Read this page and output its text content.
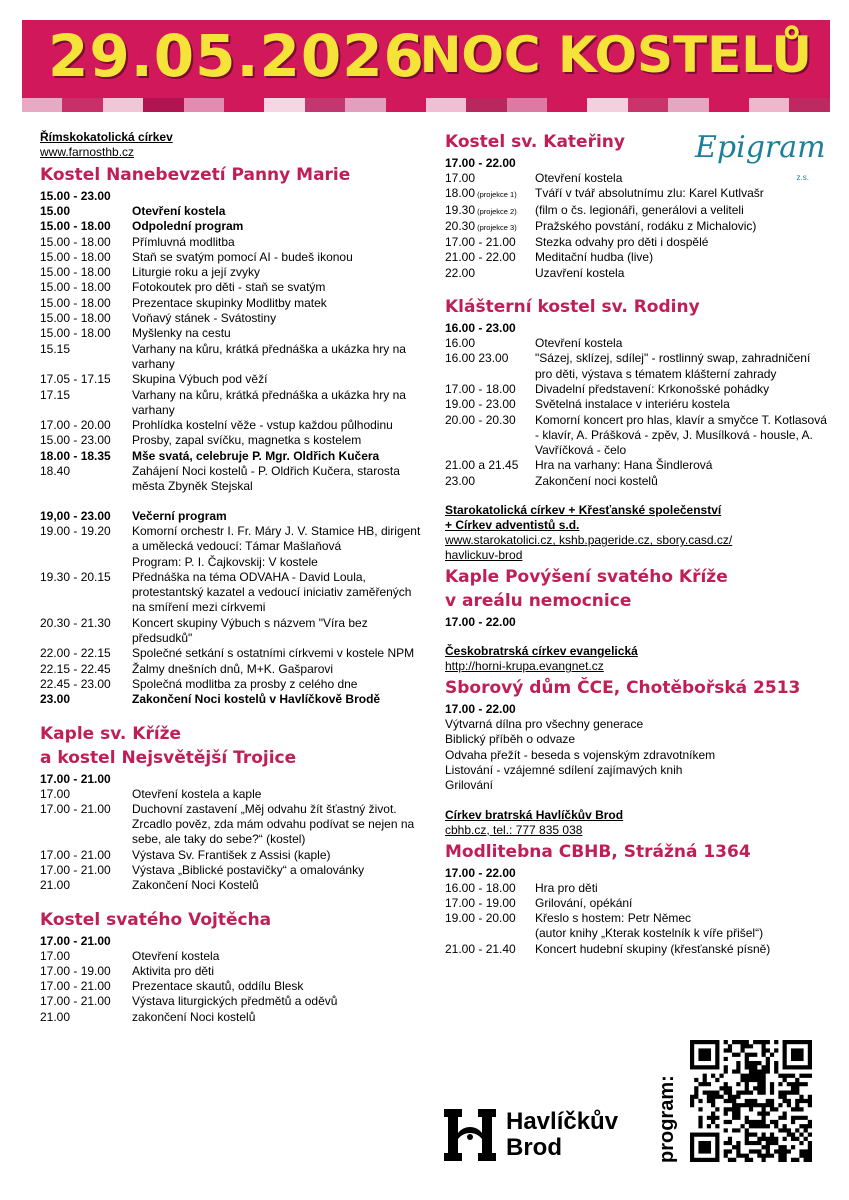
29.05.2026
NOC KOSTELŮ
Epigram
z.s.
Římskokatolická církev
www.farnosthb.cz
Kostel Nanebevzetí Panny Marie
15.00 - 23.00
15.00	Otevření kostela
15.00 - 18.00	Odpolední program
15.00 - 18.00	Přímluvná modlitba
15.00 - 18.00	Staň se svatým pomocí AI - budeš ikonou
15.00 - 18.00	Liturgie roku a její zvyky
15.00 - 18.00	Fotokoutek pro děti - staň se svatým
15.00 - 18.00	Prezentace skupinky Modlitby matek
15.00 - 18.00	Voňavý stánek - Svátostiny
15.00 - 18.00	Myšlenky na cestu
15.15	Varhany na kůru, krátká přednáška a ukázka hry na varhany
17.05 - 17.15	Skupina Výbuch pod věží
17.15	Varhany na kůru, krátká přednáška a ukázka hry na varhany
17.00 - 20.00	Prohlídka kostelní věže - vstup každou půlhodinu
15.00 - 23.00	Prosby, zapal svíčku, magnetka s kostelem
18.00 - 18.35	Mše svatá, celebruje P. Mgr. Oldřich Kučera
18.40	Zahájení Noci kostelů - P. Oldřich Kučera, starosta města Zbyněk Stejskal
19,00 - 23.00	Večerní program
19.00 - 19.20	Komorní orchestr I. Fr. Máry J. V. Stamice HB, dirigent a umělecká vedoucí: Támar Mašlaňová
Program: P. I. Čajkovskij: V kostele
19.30 - 20.15	Přednáška na téma ODVAHA - David Loula, protestantský kazatel a vedoucí iniciativ zaměřených na smíření mezi církvemi
20.30 - 21.30	Koncert skupiny Výbuch s názvem "Víra bez předsudků"
22.00 - 22.15	Společné setkání s ostatními církvemi v kostele NPM
22.15 - 22.45	Žalmy dnešních dnů, M+K. Gašparovi
22.45 - 23.00	Společná modlitba za prosby z celého dne
23.00	Zakončení Noci kostelů v Havlíčkově Brodě
Kaple sv. Kříže
a kostel Nejsvětější Trojice
17.00 - 21.00
17.00	Otevření kostela a kaple
17.00 - 21.00	Duchovní zastavení „Měj odvahu žít šťastný život. Zrcadlo pověz, zda mám odvahu podívat se nejen na sebe, ale taky do sebe?“ (kostel)
17.00 - 21.00	Výstava Sv. František z Assisi (kaple)
17.00 - 21.00	Výstava „Biblické postavičky“ a omalovánky
21.00	Zakončení Noci Kostelů
Kostel svatého Vojtěcha
17.00 - 21.00
17.00	Otevření kostela
17.00 - 19.00	Aktivita pro děti
17.00 - 21.00	Prezentace skautů, oddílu Blesk
17.00 - 21.00	Výstava liturgických předmětů a oděvů
21.00	zakončení Noci kostelů
Kostel sv. Kateřiny
17.00 - 22.00
17.00	Otevření kostela
18.00 (projekce 1)	Tváří v tvář absolutnímu zlu: Karel Kutlvašr
19.30 (projekce 2)	(film o čs. legionáři, generálovi a veliteli
20.30 (projekce 3)	Pražského povstání, rodáku z Michalovic)
17.00 - 21.00	Stezka odvahy pro děti i dospělé
21.00 - 22.00	Meditační hudba (live)
22.00	Uzavření kostela
Klášterní kostel sv. Rodiny
16.00 - 23.00
16.00	Otevření kostela
16.00 23.00	"Sázej, sklízej, sdílej" - rostlinný swap, zahradničení pro děti, výstava s tématem klášterní zahrady
17.00 - 18.00	Divadelní představení: Krkonošské pohádky
19.00 - 23.00	Světelná instalace v interiéru kostela
20.00 - 20.30	Komorní koncert pro hlas, klavír a smyčce T. Kotlasová - klavír, A. Prášková - zpěv, J. Musílková - housle, A. Vavříčková - čelo
21.00 a 21.45	Hra na varhany: Hana Šindlerová
23.00	Zakončení noci kostelů
Starokatolická církev + Křesťanské společenství
+ Církev adventistů s.d.
www.starokatolici.cz, kshb.pageride.cz, sbory.casd.cz/
havlickuv-brod
Kaple Povýšení svatého Kříže
v areálu nemocnice
17.00 - 22.00
Českobratrská církev evangelická
http://horni-krupa.evangnet.cz
Sborový dům ČCE, Chotěbořská 2513
17.00 - 22.00
Výtvarná dílna pro všechny generace
Biblický příběh o odvaze
Odvaha přežít - beseda s vojenským zdravotníkem
Listování - vzájemné sdílení zajímavých knih
Grilování
Církev bratrská Havlíčkův Brod
cbhb.cz, tel.: 777 835 038
Modlitebna CBHB, Strážná 1364
17.00 - 22.00
16.00 - 18.00	Hra pro děti
17.00 - 19.00	Grilování, opékání
19.00 - 20.00	Křeslo s hostem: Petr Němec
(autor knihy „Kterak kostelník k víře přišel“)
21.00 - 21.40	Koncert hudební skupiny (křesťanské písně)
Havlíčkův
Brod	program:
